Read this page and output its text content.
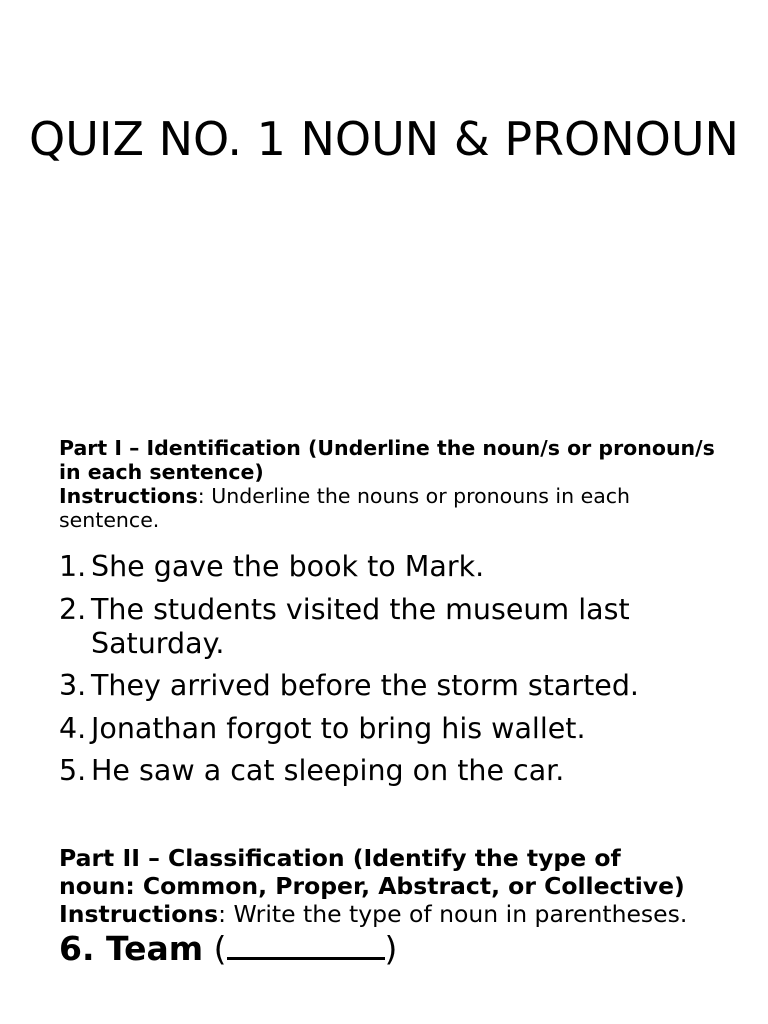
QUIZ NO. 1 NOUN & PRONOUN
Part I – Identification (Underline the noun/s or pronoun/s in each sentence)
Instructions: Underline the nouns or pronouns in each sentence.
1. She gave the book to Mark.
2. The students visited the museum last Saturday.
3. They arrived before the storm started.
4. Jonathan forgot to bring his wallet.
5. He saw a cat sleeping on the car.
Part II – Classification (Identify the type of noun: Common, Proper, Abstract, or Collective)
Instructions: Write the type of noun in parentheses.
6. Team (	)
